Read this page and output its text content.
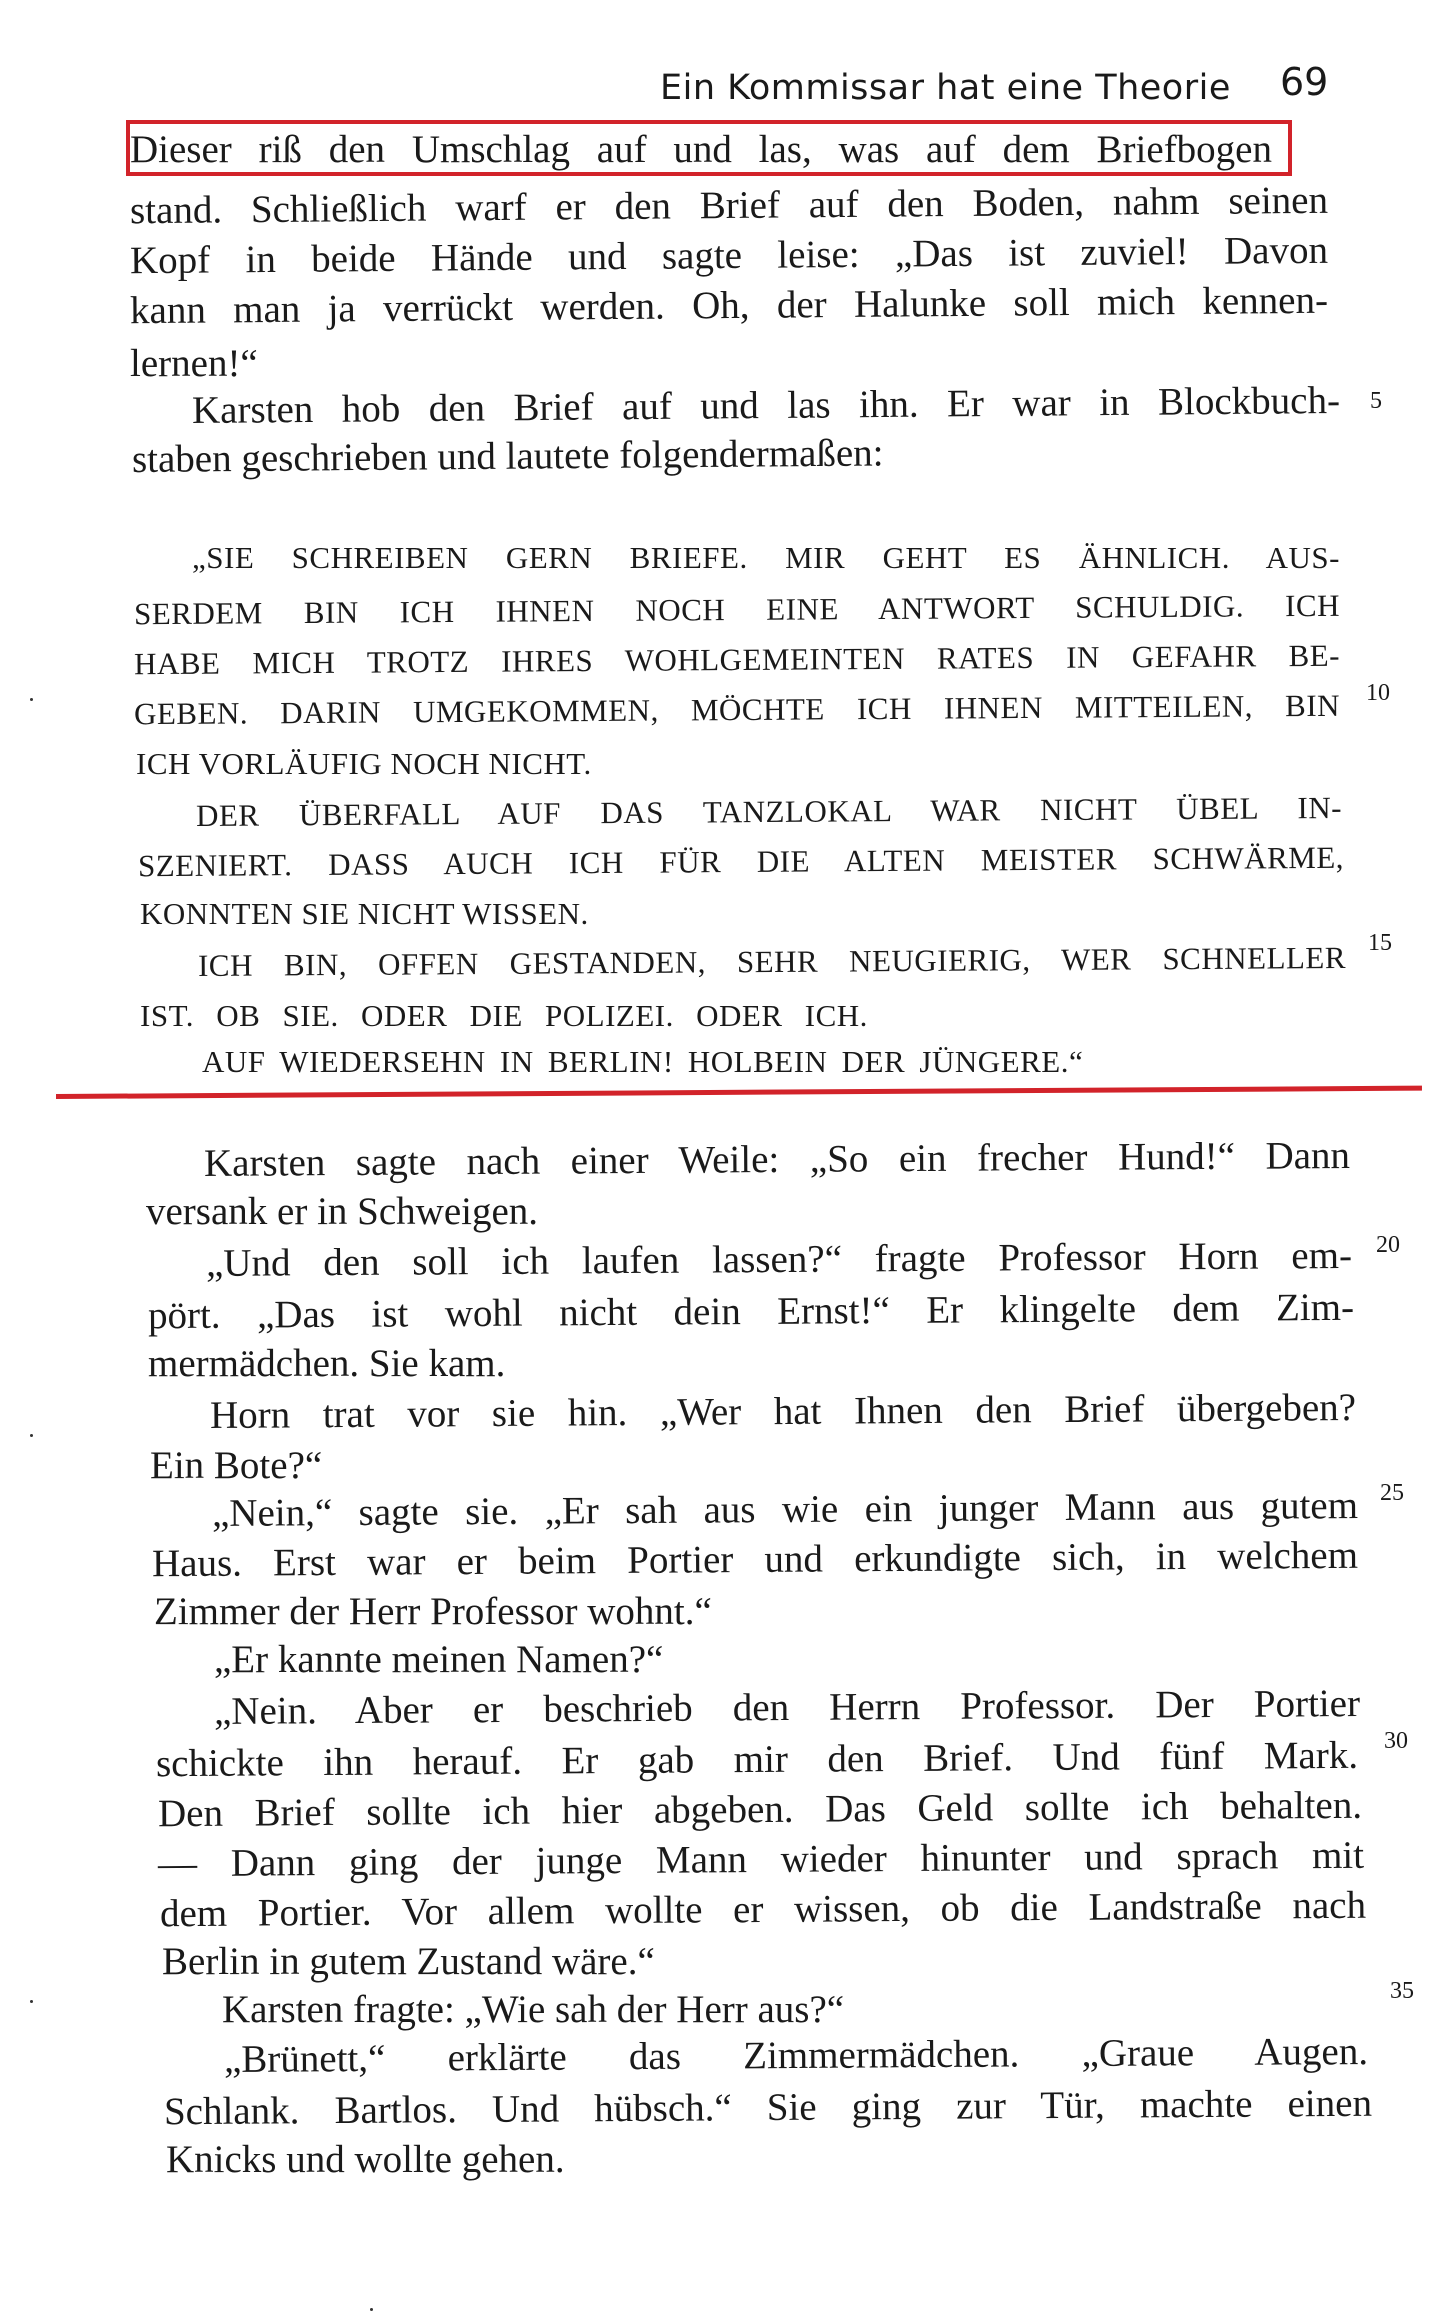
Ein Kommissar hat eine Theorie 69
Dieser riß den Umschlag auf und las, was auf dem Briefbogen
stand. Schließlich warf er den Brief auf den Boden, nahm seinen
Kopf in beide Hände und sagte leise: „Das ist zuviel! Davon
kann man ja verrückt werden. Oh, der Halunke soll mich kennen-
lernen!“
Karsten hob den Brief auf und las ihn. Er war in Blockbuch- 5
staben geschrieben und lautete folgendermaßen:
„SIE SCHREIBEN GERN BRIEFE. MIR GEHT ES ÄHNLICH. AUS-
SERDEM BIN ICH IHNEN NOCH EINE ANTWORT SCHULDIG. ICH
HABE MICH TROTZ IHRES WOHLGEMEINTEN RATES IN GEFAHR BE-
GEBEN. DARIN UMGEKOMMEN, MÖCHTE ICH IHNEN MITTEILEN, BIN 10
ICH VORLÄUFIG NOCH NICHT.
DER ÜBERFALL AUF DAS TANZLOKAL WAR NICHT ÜBEL IN-
SZENIERT. DASS AUCH ICH FÜR DIE ALTEN MEISTER SCHWÄRME,
KONNTEN SIE NICHT WISSEN.
ICH BIN, OFFEN GESTANDEN, SEHR NEUGIERIG, WER SCHNELLER 15
IST. OB SIE. ODER DIE POLIZEI. ODER ICH.
AUF WIEDERSEHN IN BERLIN! HOLBEIN DER JÜNGERE.“
Karsten sagte nach einer Weile: „So ein frecher Hund!“ Dann
versank er in Schweigen.
„Und den soll ich laufen lassen?“ fragte Professor Horn em- 20
pört. „Das ist wohl nicht dein Ernst!“ Er klingelte dem Zim-
mermädchen. Sie kam.
Horn trat vor sie hin. „Wer hat Ihnen den Brief übergeben?
Ein Bote?“
„Nein,“ sagte sie. „Er sah aus wie ein junger Mann aus gutem 25
Haus. Erst war er beim Portier und erkundigte sich, in welchem
Zimmer der Herr Professor wohnt.“
„Er kannte meinen Namen?“
„Nein. Aber er beschrieb den Herrn Professor. Der Portier
schickte ihn herauf. Er gab mir den Brief. Und fünf Mark. 30
Den Brief sollte ich hier abgeben. Das Geld sollte ich behalten.
— Dann ging der junge Mann wieder hinunter und sprach mit
dem Portier. Vor allem wollte er wissen, ob die Landstraße nach
Berlin in gutem Zustand wäre.“
Karsten fragte: „Wie sah der Herr aus?“	35
„Brünett,“ erklärte das Zimmermädchen. „Graue Augen.
Schlank. Bartlos. Und hübsch.“ Sie ging zur Tür, machte einen
Knicks und wollte gehen.
